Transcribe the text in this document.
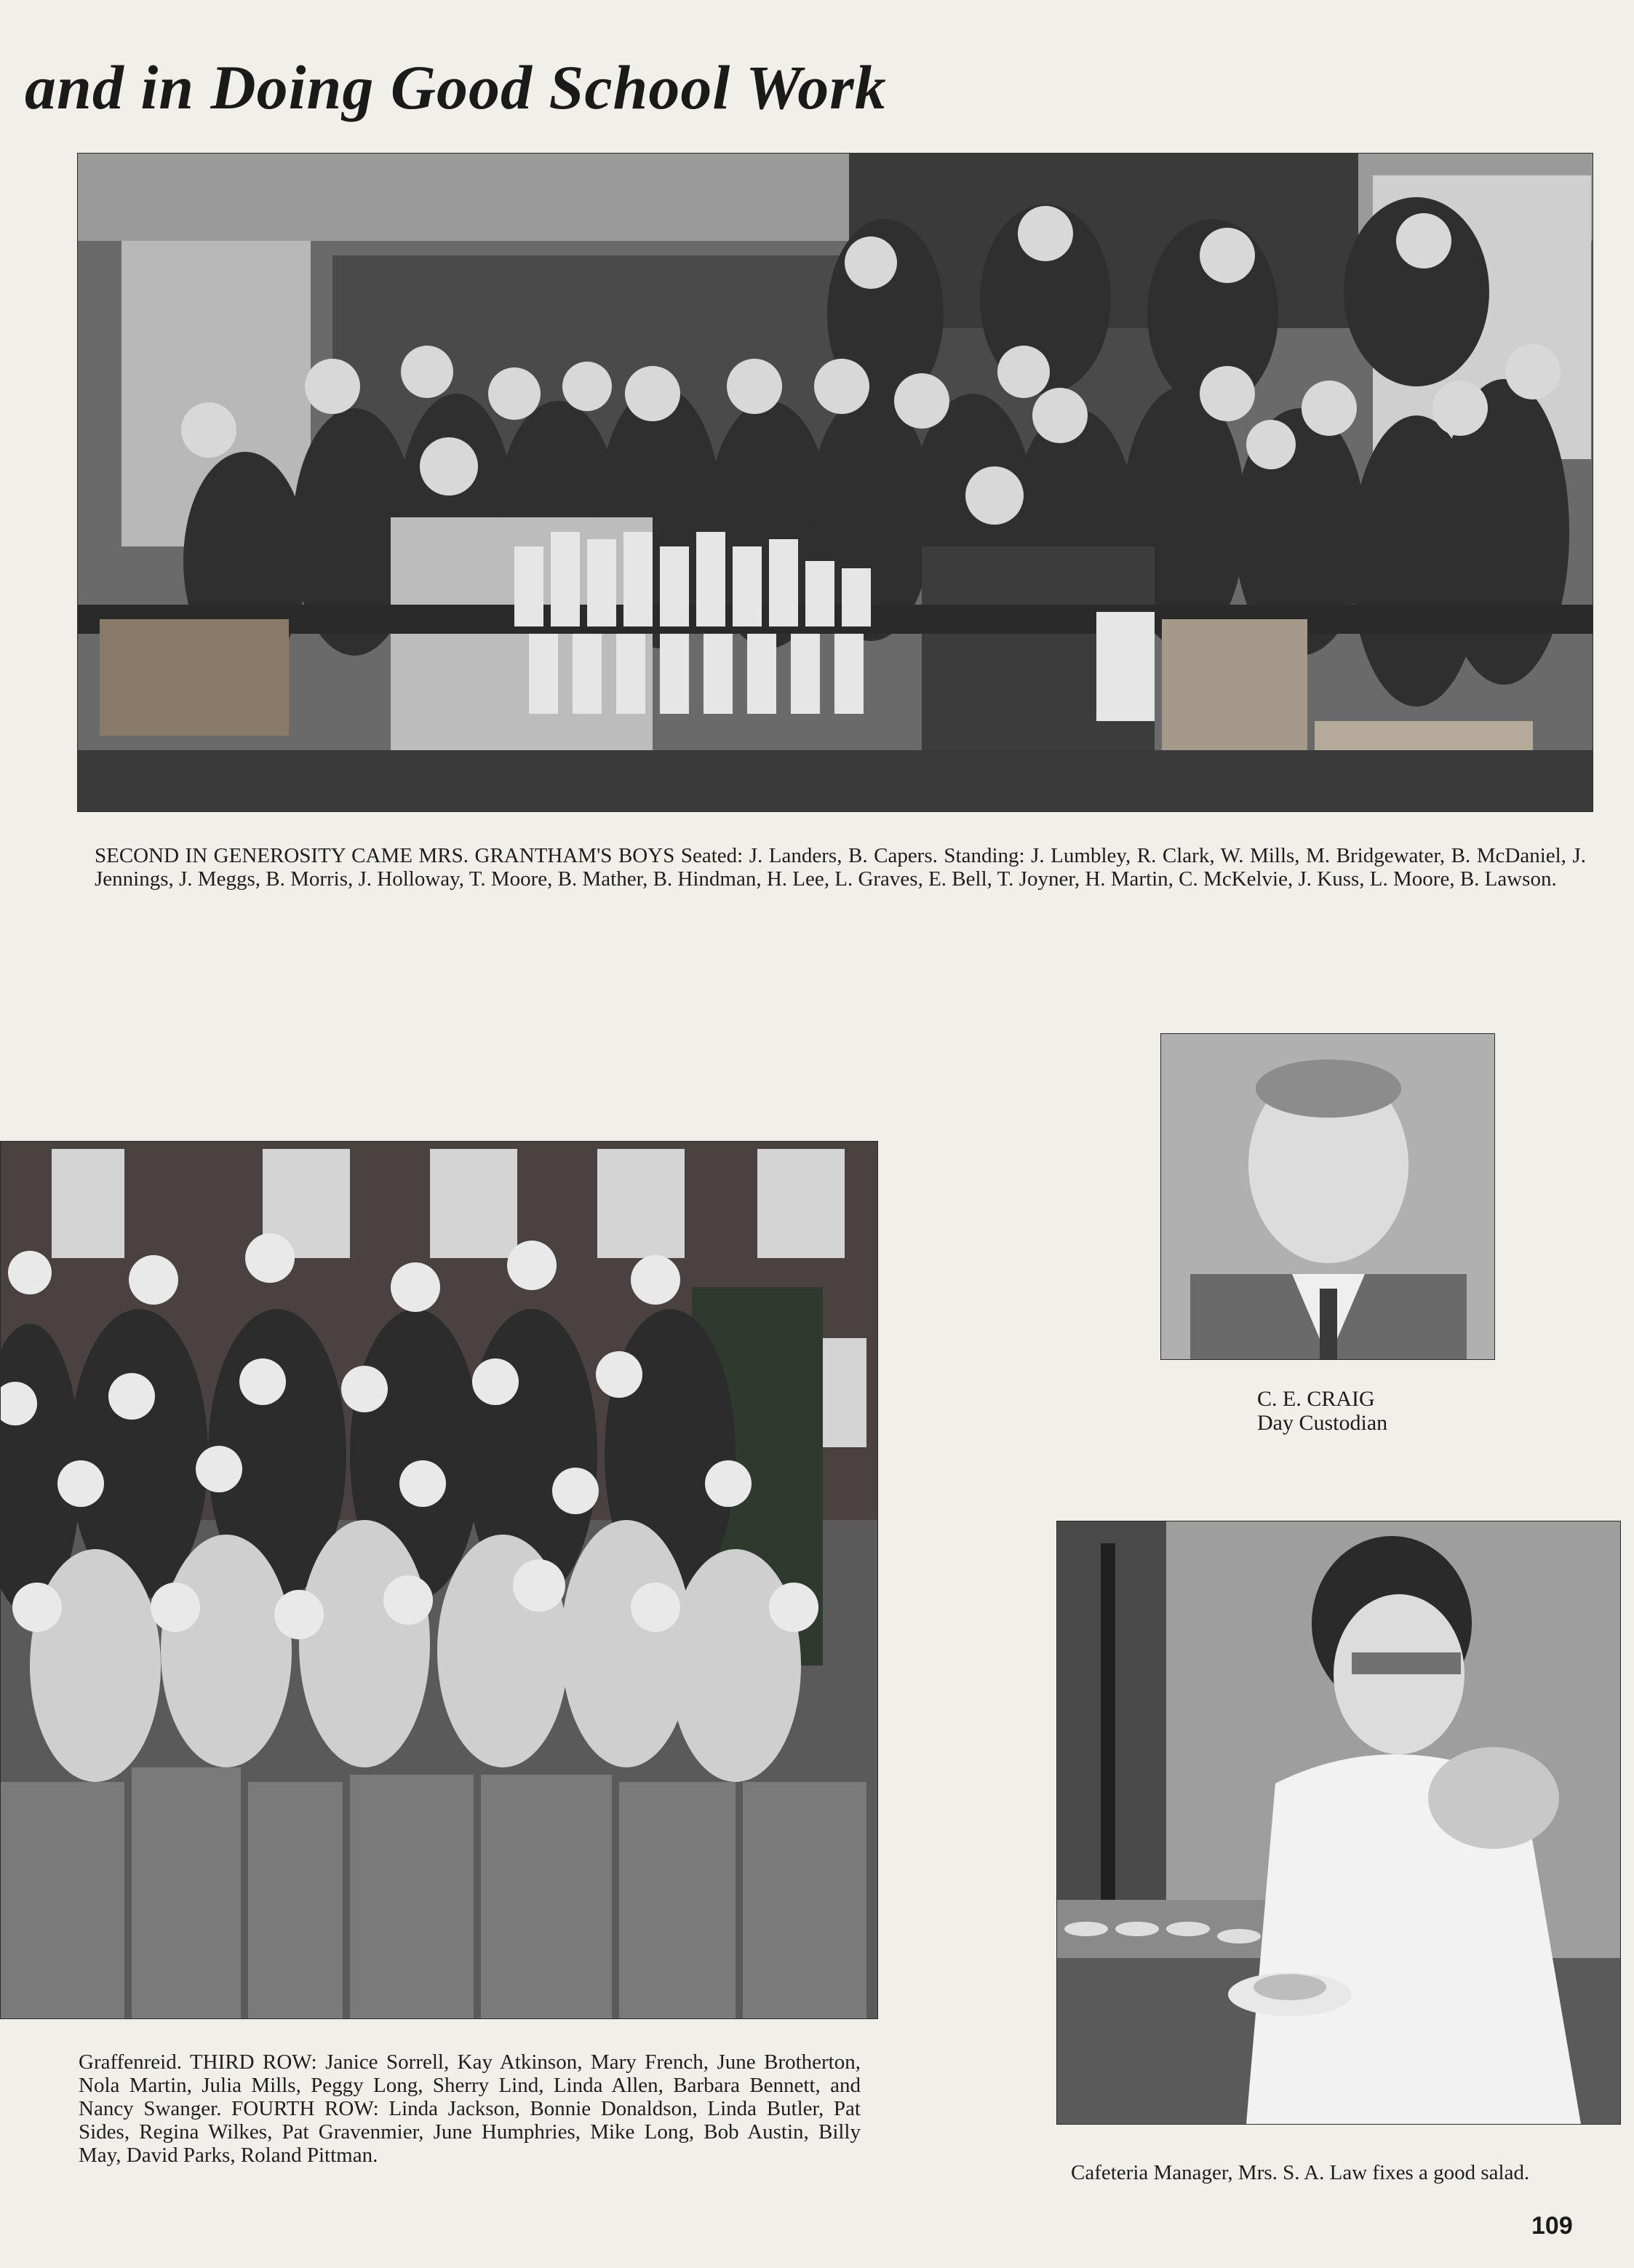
and in Doing Good School Work
SECOND IN GENEROSITY CAME MRS. GRANTHAM'S BOYS Seated: J. Landers, B. Capers. Standing: J. Lumbley, R. Clark, W. Mills, M. Bridgewater, B. McDaniel, J. Jennings, J. Meggs, B. Morris, J. Holloway, T. Moore, B. Mather, B. Hindman, H. Lee, L. Graves, E. Bell, T. Joyner, H. Martin, C. McKelvie, J. Kuss, L. Moore, B. Lawson.
Graffenreid. THIRD ROW: Janice Sorrell, Kay Atkinson, Mary French, June Brotherton, Nola Martin, Julia Mills, Peggy Long, Sherry Lind, Linda Allen, Barbara Bennett, and Nancy Swanger. FOURTH ROW: Linda Jackson, Bonnie Donaldson, Linda Butler, Pat Sides, Regina Wilkes, Pat Gravenmier, June Humphries, Mike Long, Bob Austin, Billy May, David Parks, Roland Pittman.
C. E. CRAIG
Day Custodian
Cafeteria Manager, Mrs. S. A. Law fixes a good salad.
109
